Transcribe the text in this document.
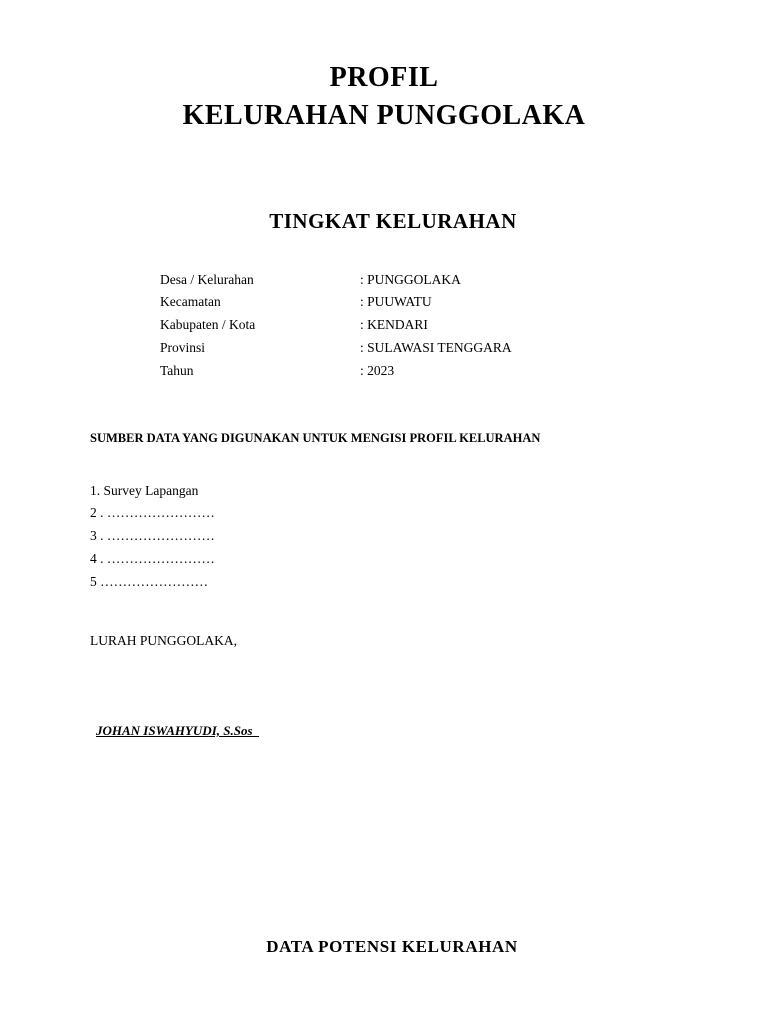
PROFIL
KELURAHAN PUNGGOLAKA
TINGKAT KELURAHAN
Desa / Kelurahan	: PUNGGOLAKA
Kecamatan	: PUUWATU
Kabupaten / Kota	: KENDARI
Provinsi	: SULAWASI TENGGARA
Tahun	: 2023
SUMBER DATA YANG DIGUNAKAN UNTUK MENGISI PROFIL KELURAHAN
1. Survey Lapangan
2 . ……………………
3 . ……………………
4 . ……………………
5 ……………………
LURAH PUNGGOLAKA,
JOHAN ISWAHYUDI, S.Sos
DATA POTENSI KELURAHAN
